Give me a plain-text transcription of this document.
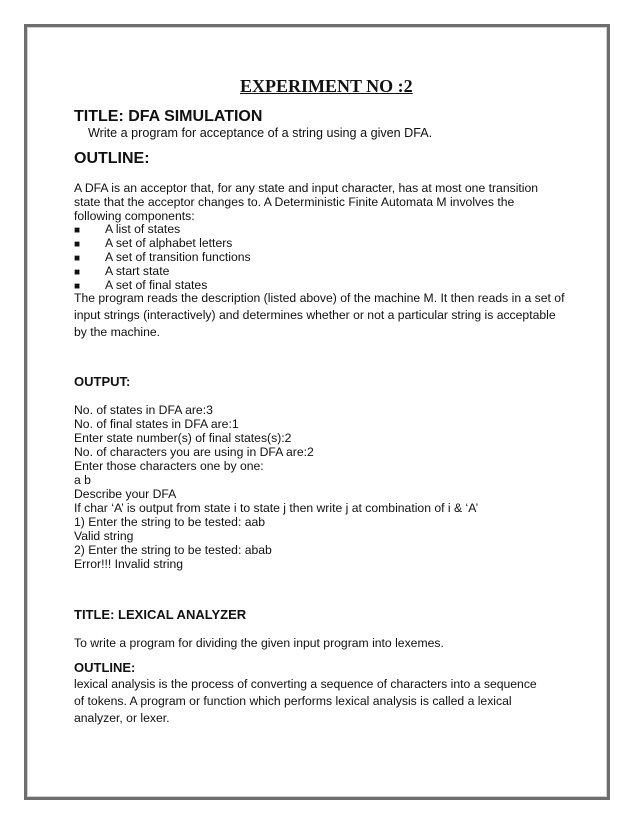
EXPERIMENT NO :2
TITLE: DFA SIMULATION
Write a program for acceptance of a string using a given DFA.
OUTLINE:
A DFA is an acceptor that, for any state and input character, has at most one transition
state that the acceptor changes to. A Deterministic Finite Automata M involves the
following components:
■ A list of states
■ A set of alphabet letters
■ A set of transition functions
■ A start state
■ A set of final states
The program reads the description (listed above) of the machine M. It then reads in a set of
input strings (interactively) and determines whether or not a particular string is acceptable
by the machine.
OUTPUT:
No. of states in DFA are:3
No. of final states in DFA are:1
Enter state number(s) of final states(s):2
No. of characters you are using in DFA are:2
Enter those characters one by one:
a b
Describe your DFA
If char ‘A’ is output from state i to state j then write j at combination of i & ‘A’
1) Enter the string to be tested: aab
Valid string
2) Enter the string to be tested: abab
Error!!! Invalid string
TITLE: LEXICAL ANALYZER
To write a program for dividing the given input program into lexemes.
OUTLINE:
lexical analysis is the process of converting a sequence of characters into a sequence
of tokens. A program or function which performs lexical analysis is called a lexical
analyzer, or lexer.
